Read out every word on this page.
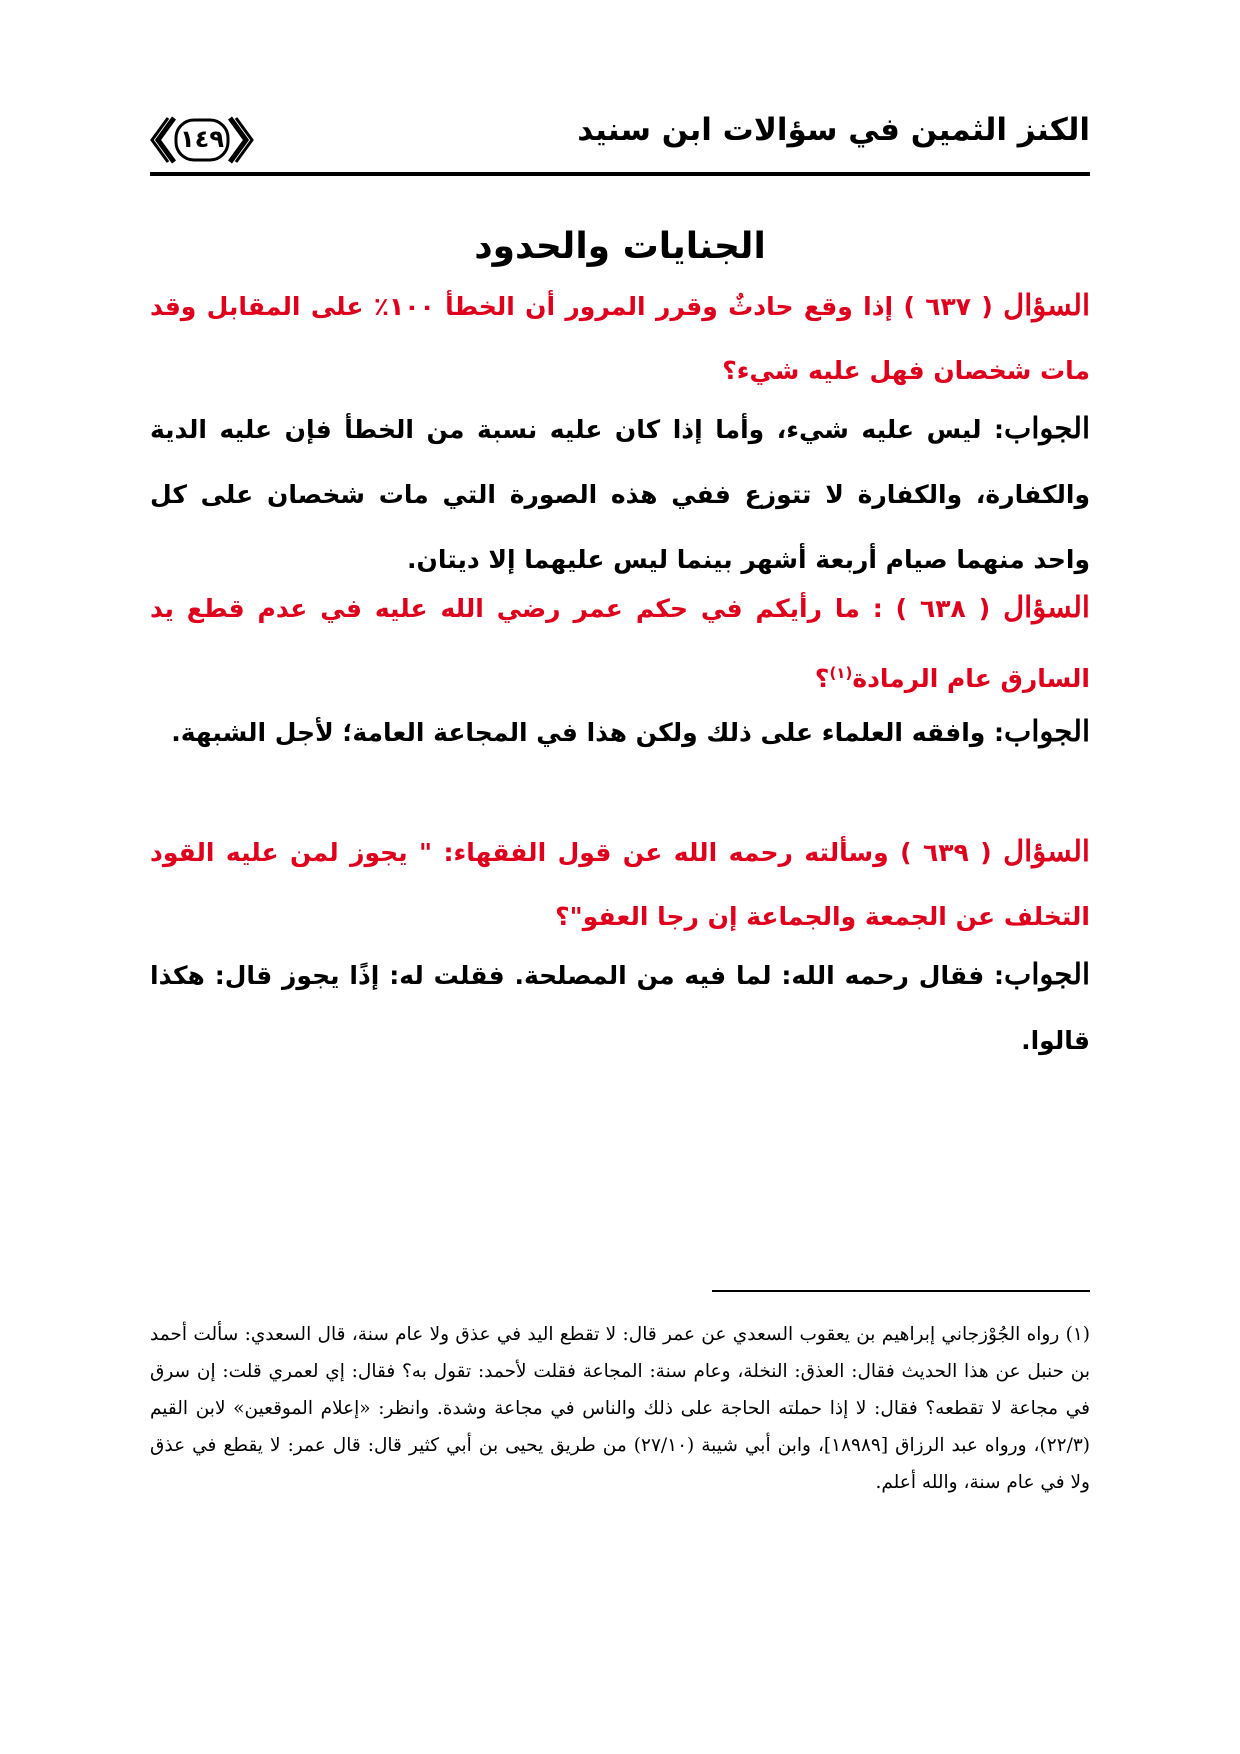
الكنز الثمين في سؤالات ابن سنيد
١٤٩
الجنايات والحدود
السؤال ( ٦٣٧ ) إذا وقع حادثٌ وقرر المرور أن الخطأ ١٠٠٪ على المقابل وقد مات شخصان فهل عليه شيء؟
الجواب: ليس عليه شيء، وأما إذا كان عليه نسبة من الخطأ فإن عليه الدية والكفارة، والكفارة لا تتوزع ففي هذه الصورة التي مات شخصان على كل واحد منهما صيام أربعة أشهر بينما ليس عليهما إلا ديتان.
السؤال ( ٦٣٨ ) : ما رأيكم في حكم عمر رضي الله عليه في عدم قطع يد السارق عام الرمادة$^{(١)}$؟
الجواب: وافقه العلماء على ذلك ولكن هذا في المجاعة العامة؛ لأجل الشبهة.
السؤال ( ٦٣٩ ) وسألته رحمه الله عن قول الفقهاء: " يجوز لمن عليه القود التخلف عن الجمعة والجماعة إن رجا العفو"؟
الجواب: فقال رحمه الله: لما فيه من المصلحة. فقلت له: إذًا يجوز قال: هكذا قالوا.
(١) رواه الجُوْزجاني إبراهيم بن يعقوب السعدي عن عمر قال: لا تقطع اليد في عذق ولا عام سنة، قال السعدي: سألت أحمد بن حنبل عن هذا الحديث فقال: العذق: النخلة، وعام سنة: المجاعة فقلت لأحمد: تقول به؟ فقال: إي لعمري قلت: إن سرق في مجاعة لا تقطعه؟ فقال: لا إذا حملته الحاجة على ذلك والناس في مجاعة وشدة. وانظر: «إعلام الموقعين» لابن القيم (٢٢/٣)، ورواه عبد الرزاق [١٨٩٨٩]، وابن أبي شيبة (٢٧/١٠) من طريق يحيى بن أبي كثير قال: قال عمر: لا يقطع في عذق ولا في عام سنة، والله أعلم.
